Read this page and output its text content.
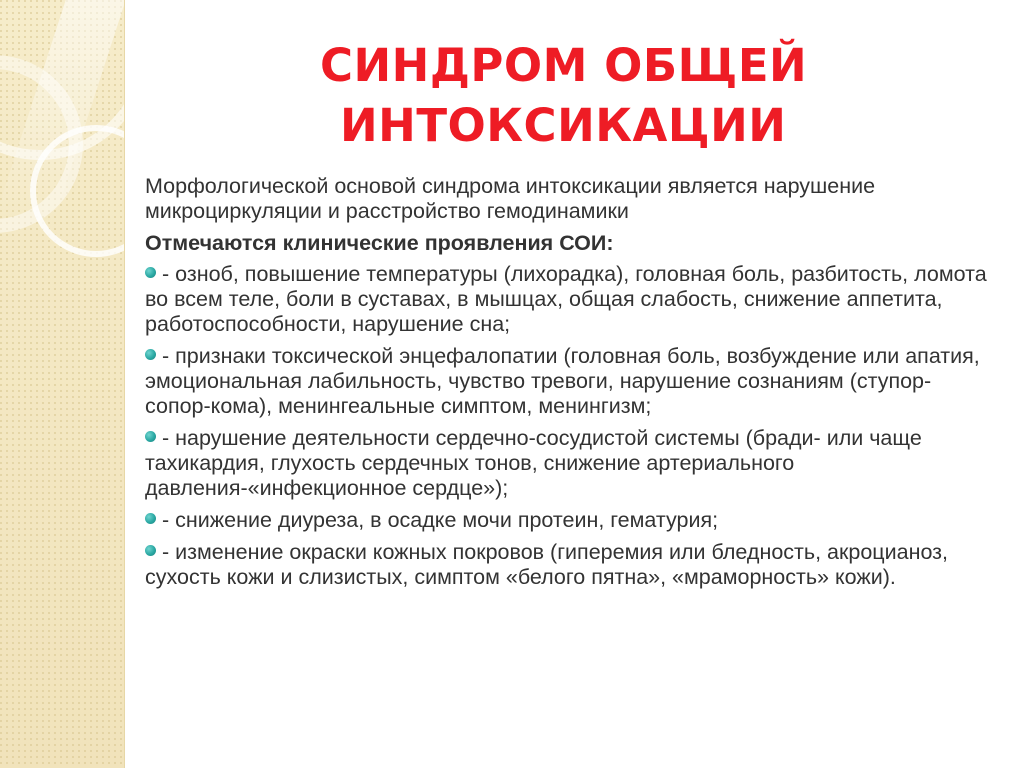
СИНДРОМ ОБЩЕЙ
ИНТОКСИКАЦИИ

Морфологической основой синдрома интоксикации является нарушение микроциркуляции и расстройство гемодинамики

Отмечаются клинические проявления СОИ:

- озноб, повышение температуры (лихорадка), головная боль, разбитость, ломота во всем теле, боли в суставах, в мышцах, общая слабость, снижение аппетита, работоспособности, нарушение сна;
- признаки токсической энцефалопатии (головная боль, возбуждение или апатия, эмоциональная лабильность, чувство тревоги, нарушение сознаниям (ступор-сопор-кома), менингеальные симптом, менингизм;
- нарушение деятельности сердечно-сосудистой системы (бради- или чаще тахикардия, глухость сердечных тонов, снижение артериального давления-«инфекционное сердце»);
- снижение диуреза, в осадке мочи протеин, гематурия;
- изменение окраски кожных покровов (гиперемия или бледность, акроцианоз, сухость кожи и слизистых, симптом «белого пятна», «мраморность» кожи).
